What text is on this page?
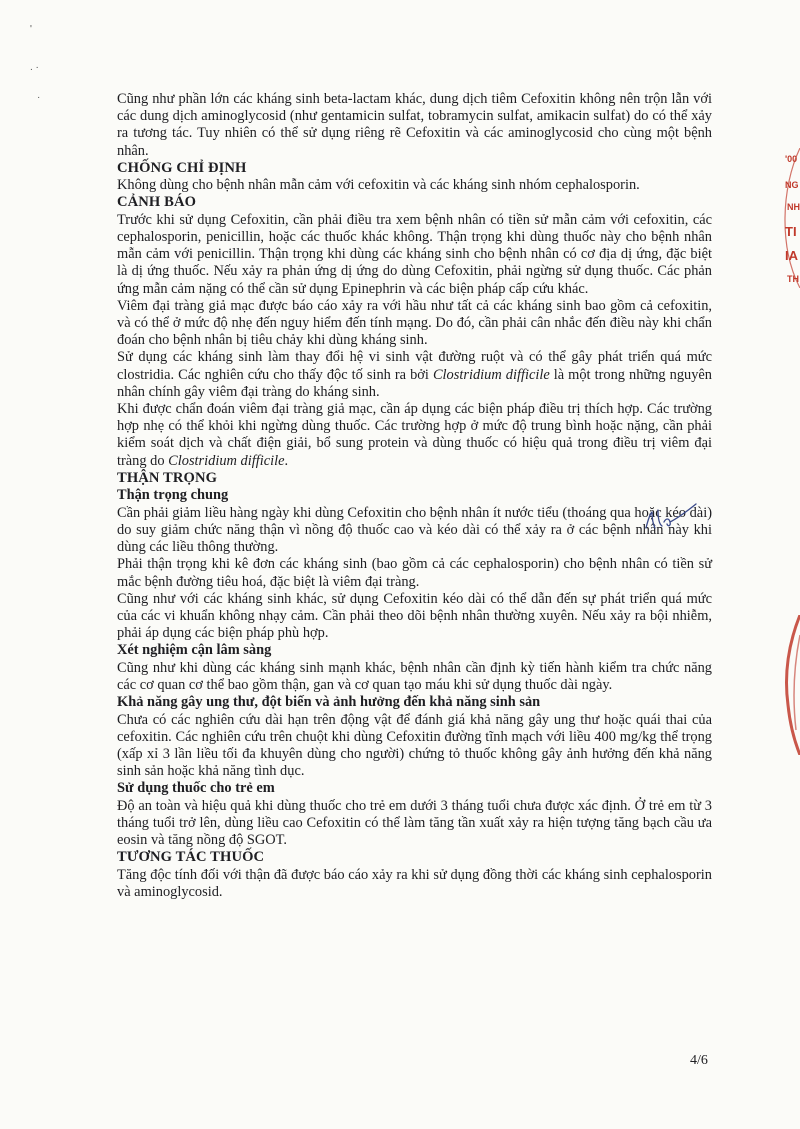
'
. ·
·	Cũng như phần lớn các kháng sinh beta-lactam khác, dung dịch tiêm Cefoxitin không nên trộn lẫn với các dung dịch aminoglycosid (như gentamicin sulfat, tobramycin sulfat, amikacin sulfat) do có thể xảy ra tương tác. Tuy nhiên có thể sử dụng riêng rẽ Cefoxitin và các aminoglycosid cho cùng một bệnh nhân.

CHỐNG CHỈ ĐỊNH

Không dùng cho bệnh nhân mẫn cảm với cefoxitin và các kháng sinh nhóm cephalosporin.

CẢNH BÁO

Trước khi sử dụng Cefoxitin, cần phải điều tra xem bệnh nhân có tiền sử mẫn cảm với cefoxitin, các cephalosporin, penicillin, hoặc các thuốc khác không. Thận trọng khi dùng thuốc này cho bệnh nhân mẫn cảm với penicillin. Thận trọng khi dùng các kháng sinh cho bệnh nhân có cơ địa dị ứng, đặc biệt là dị ứng thuốc. Nếu xảy ra phản ứng dị ứng do dùng Cefoxitin, phải ngừng sử dụng thuốc. Các phản ứng mẫn cảm nặng có thể cần sử dụng Epinephrin và các biện pháp cấp cứu khác.

Viêm đại tràng giả mạc được báo cáo xảy ra với hầu như tất cả các kháng sinh bao gồm cả cefoxitin, và có thể ở mức độ nhẹ đến nguy hiểm đến tính mạng. Do đó, cần phải cân nhắc đến điều này khi chẩn đoán cho bệnh nhân bị tiêu chảy khi dùng kháng sinh.

Sử dụng các kháng sinh làm thay đổi hệ vi sinh vật đường ruột và có thể gây phát triển quá mức clostridia. Các nghiên cứu cho thấy độc tố sinh ra bởi Clostridium difficile là một trong những nguyên nhân chính gây viêm đại tràng do kháng sinh.

Khi được chẩn đoán viêm đại tràng giả mạc, cần áp dụng các biện pháp điều trị thích hợp. Các trường hợp nhẹ có thể khỏi khi ngừng dùng thuốc. Các trường hợp ở mức độ trung bình hoặc nặng, cần phải kiểm soát dịch và chất điện giải, bổ sung protein và dùng thuốc có hiệu quả trong điều trị viêm đại tràng do Clostridium difficile.

THẬN TRỌNG
Thận trọng chung

Cần phải giảm liều hàng ngày khi dùng Cefoxitin cho bệnh nhân ít nước tiểu (thoáng qua hoặc kéo dài) do suy giảm chức năng thận vì nồng độ thuốc cao và kéo dài có thể xảy ra ở các bệnh nhân này khi dùng các liều thông thường.

Phải thận trọng khi kê đơn các kháng sinh (bao gồm cả các cephalosporin) cho bệnh nhân có tiền sử mắc bệnh đường tiêu hoá, đặc biệt là viêm đại tràng.

Cũng như với các kháng sinh khác, sử dụng Cefoxitin kéo dài có thể dẫn đến sự phát triển quá mức của các vi khuẩn không nhạy cảm. Cần phải theo dõi bệnh nhân thường xuyên. Nếu xảy ra bội nhiễm, phải áp dụng các biện pháp phù hợp.

Xét nghiệm cận lâm sàng

Cũng như khi dùng các kháng sinh mạnh khác, bệnh nhân cần định kỳ tiến hành kiểm tra chức năng các cơ quan cơ thể bao gồm thận, gan và cơ quan tạo máu khi sử dụng thuốc dài ngày.

Khả năng gây ung thư, đột biến và ảnh hưởng đến khả năng sinh sản

Chưa có các nghiên cứu dài hạn trên động vật để đánh giá khả năng gây ung thư hoặc quái thai của cefoxitin. Các nghiên cứu trên chuột khi dùng Cefoxitin đường tĩnh mạch với liều 400 mg/kg thể trọng (xấp xỉ 3 lần liều tối đa khuyên dùng cho người) chứng tỏ thuốc không gây ảnh hưởng đến khả năng sinh sản hoặc khả năng tình dục.

Sử dụng thuốc cho trẻ em

Độ an toàn và hiệu quả khi dùng thuốc cho trẻ em dưới 3 tháng tuổi chưa được xác định. Ở trẻ em từ 3 tháng tuổi trở lên, dùng liều cao Cefoxitin có thể làm tăng tần xuất xảy ra hiện tượng tăng bạch cầu ưa eosin và tăng nồng độ SGOT.

TƯƠNG TÁC THUỐC

Tăng độc tính đối với thận đã được báo cáo xảy ra khi sử dụng đồng thời các kháng sinh cephalosporin và aminoglycosid.

'00
NG
NH
TI
IA
TH
4/6
